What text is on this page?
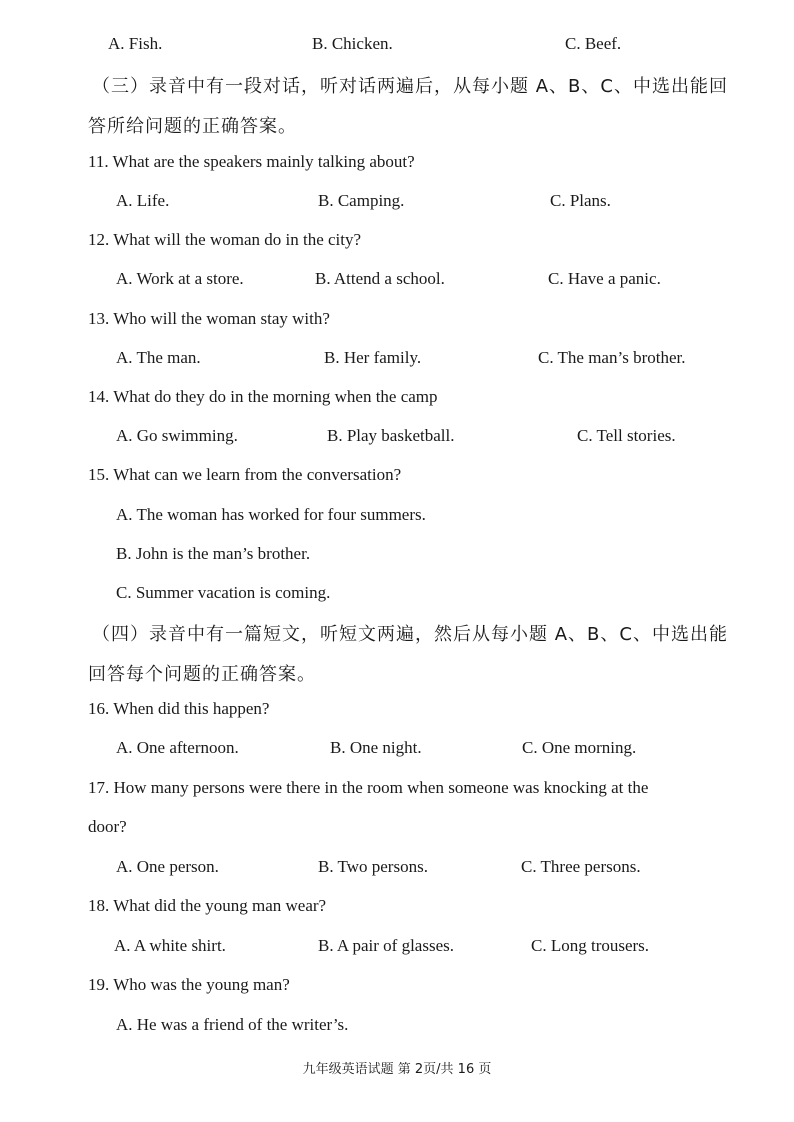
A. Fish.	B. Chicken.	C. Beef.
（三）录音中有一段对话，听对话两遍后，从每小题 A、B、C、中选出能回
答所给问题的正确答案。
11. What are the speakers mainly talking about?
A. Life.	B. Camping.	C. Plans.
12. What will the woman do in the city?
A. Work at a store.	B. Attend a school.	C. Have a panic.
13. Who will the woman stay with?
A. The man.	B. Her family.	C. The man’s brother.
14. What do they do in the morning when the camp
A. Go swimming.	B. Play basketball.	C. Tell stories.
15. What can we learn from the conversation?
A. The woman has worked for four summers.
B. John is the man’s brother.
C. Summer vacation is coming.
（四）录音中有一篇短文，听短文两遍，然后从每小题 A、B、C、中选出能
回答每个问题的正确答案。
16. When did this happen?
A. One afternoon.	B. One night.	C. One morning.
17. How many persons were there in the room when someone was knocking at the
door?
A. One person.	B. Two persons.	C. Three persons.
18. What did the young man wear?
A. A white shirt.	B. A pair of glasses.	C. Long trousers.
19. Who was the young man?
A. He was a friend of the writer’s.
九年级英语试题 第 2页/共 16 页
